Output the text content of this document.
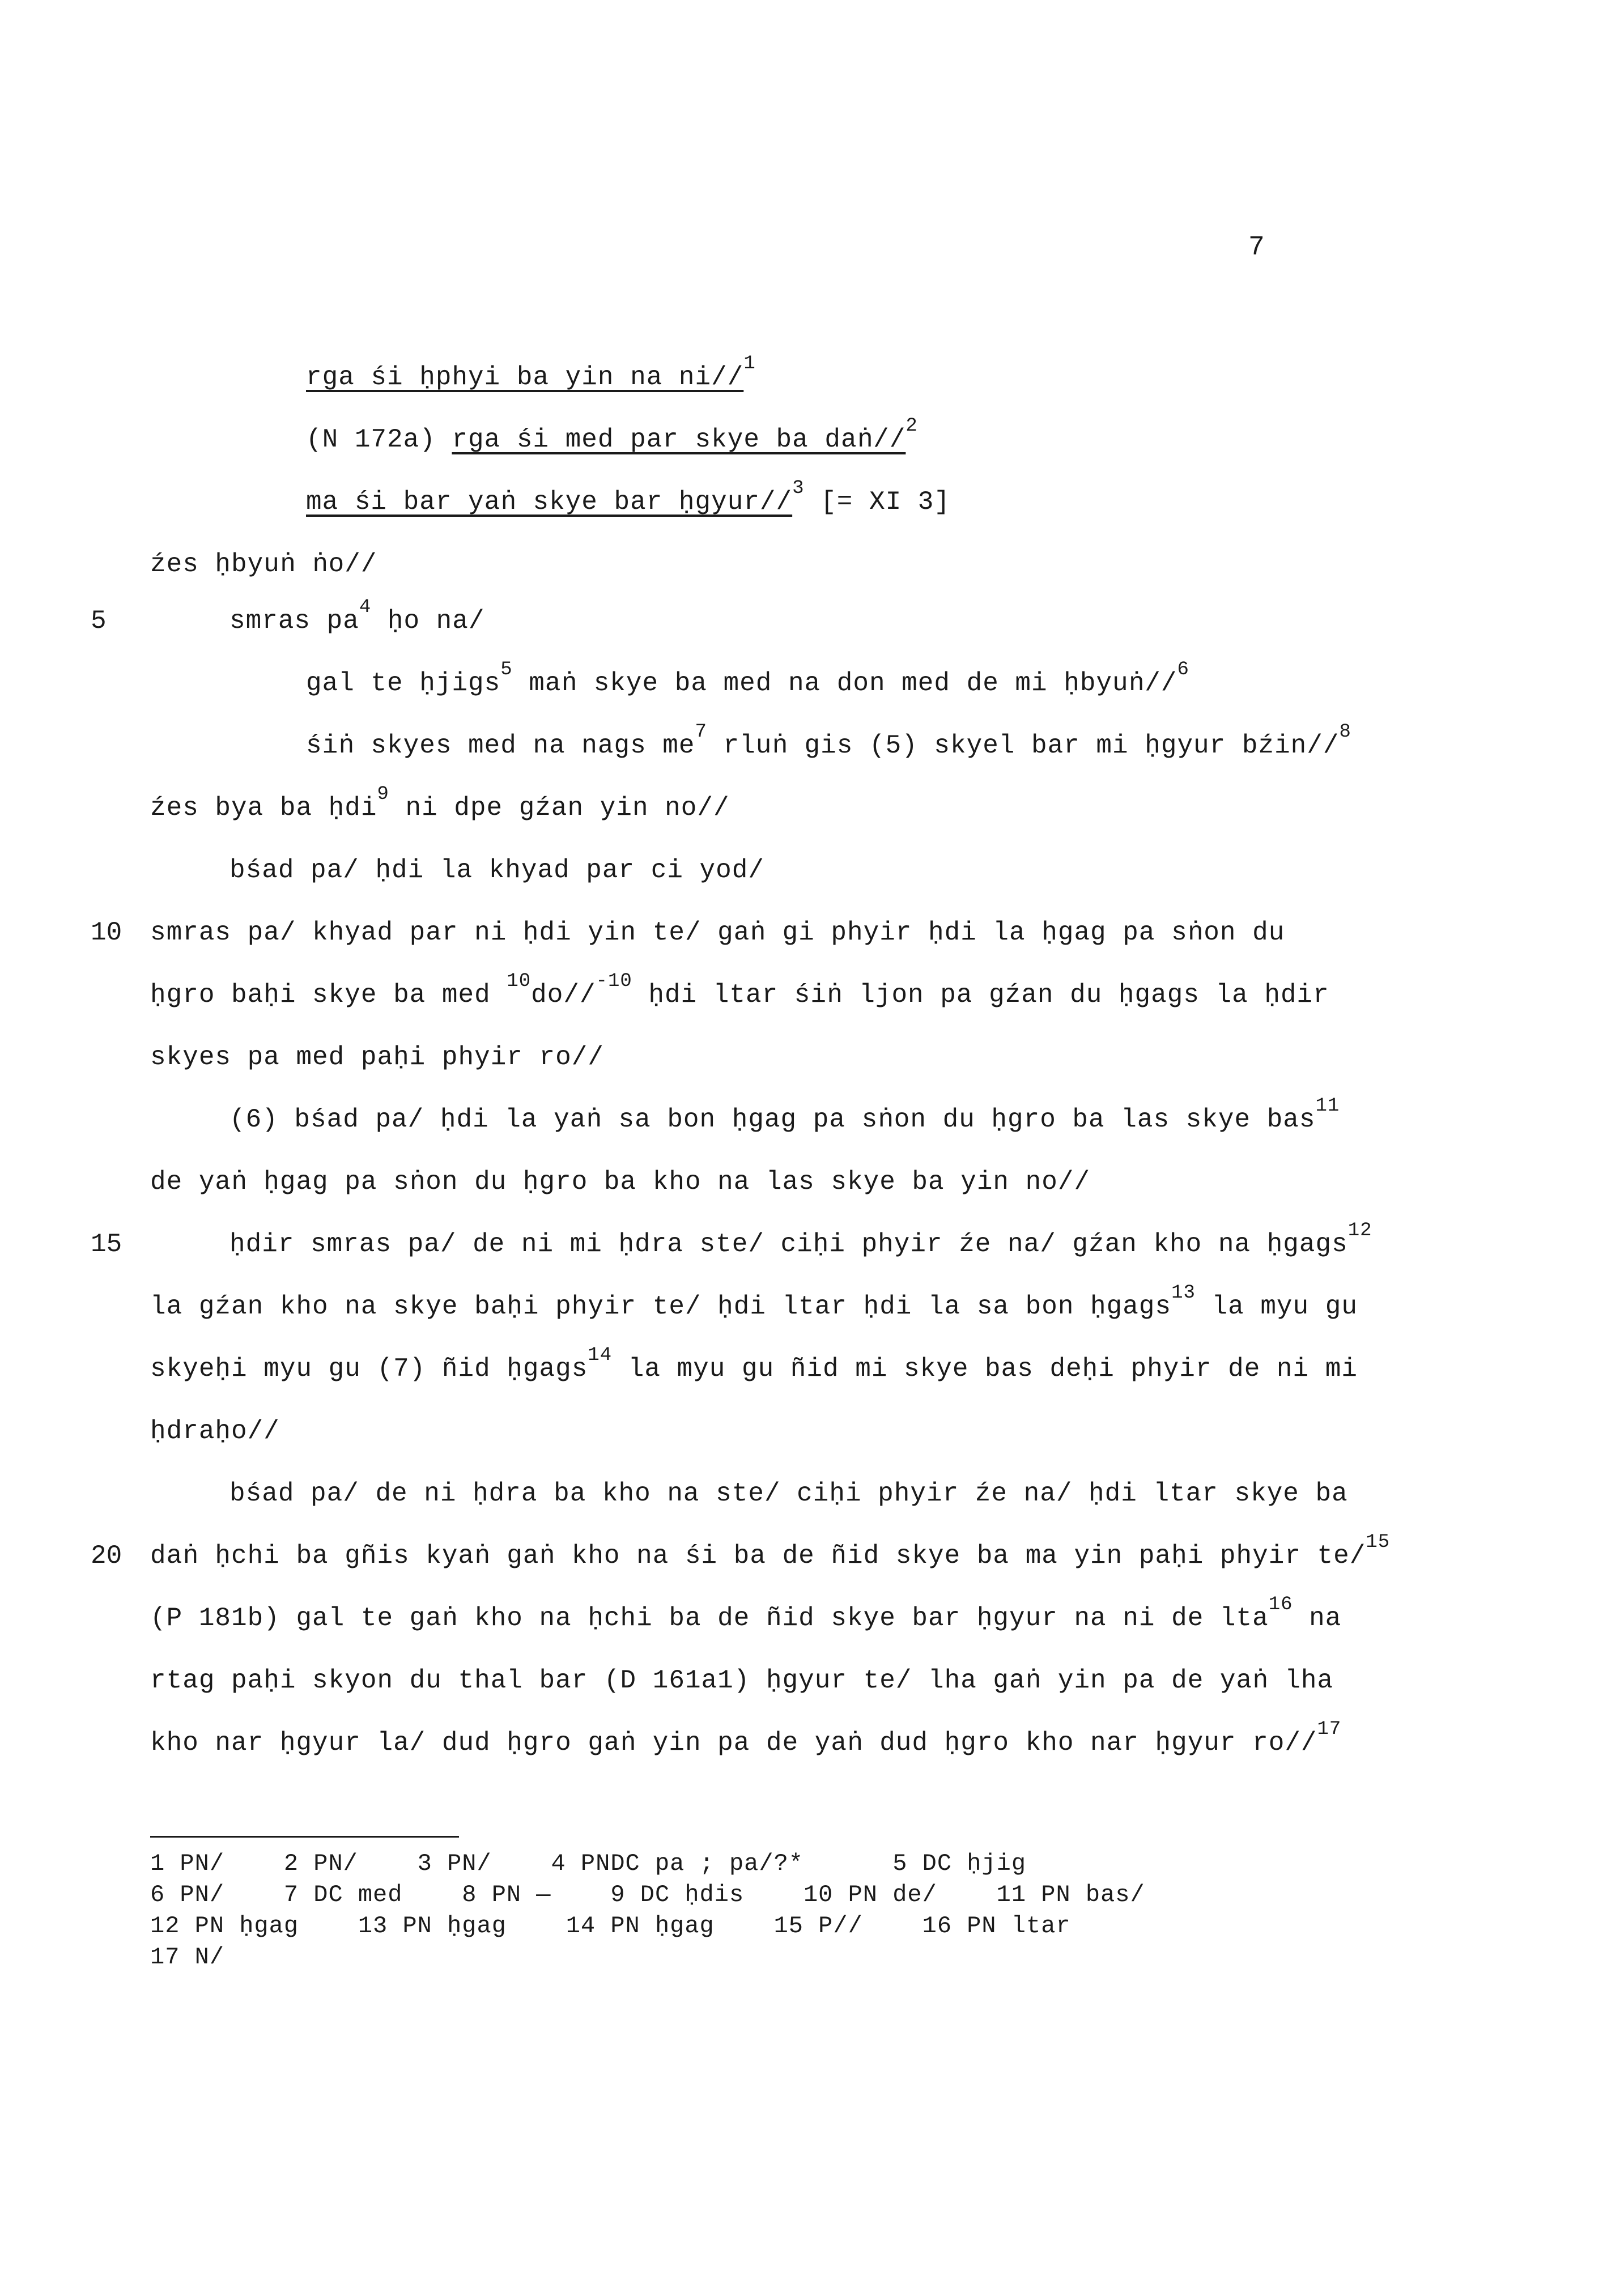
7
rga śi ḥphyi ba yin na ni//$^1$
(N 172a) rga śi med par skye ba daṅ//$^2$
ma śi bar yaṅ skye bar ḥgyur//$^3$ [= XI 3]
źes ḥbyuṅ ṅo//
smras $pa^4$ ḥo na/
gal te ḥjigs$^5$ maṅ skye ba med na don med de mi ḥbyuṅ//$^6$
śiṅ skyes med na nags $me^7$ rluṅ gis (5) skyel bar mi ḥgyur bźin//$^8$
źes bya ba ḥdi$^9$ ni dpe gźan yin no//
bśad pa/ ḥdi la khyad par ci yod/
smras pa/ khyad par ni ḥdi yin te/ gaṅ gi phyir ḥdi la ḥgag pa sṅon du
ḥgro baḥi skye ba med $^{10}$do//$^{-10}$ ḥdi ltar śiṅ ljon pa gźan du ḥgags la ḥdir
skyes pa med paḥi phyir ro//
(6) bśad pa/ ḥdi la yaṅ sa bon ḥgag pa sṅon du ḥgro ba las skye bas$^{11}$
de yaṅ ḥgag pa sṅon du ḥgro ba kho na las skye ba yin no//
ḥdir smras pa/ de ni mi ḥdra ste/ ciḥi phyir źe na/ gźan kho na ḥgags$^{12}$
la gźan kho na skye baḥi phyir te/ ḥdi ltar ḥdi la sa bon ḥgags$^{13}$ la myu gu
skyeḥi myu gu (7) ñid ḥgags$^{14}$ la myu gu ñid mi skye bas deḥi phyir de ni mi
ḥdraḥo//
bśad pa/ de ni ḥdra ba kho na ste/ ciḥi phyir źe na/ ḥdi ltar skye ba
daṅ ḥchi ba gñis kyaṅ gaṅ kho na śi ba de ñid skye ba ma yin paḥi phyir te/$^{15}$
(P 181b) gal te gaṅ kho na ḥchi ba de ñid skye bar ḥgyur na ni de lta$^{16}$ na
rtag paḥi skyon du thal bar (D 161a1) ḥgyur te/ lha gaṅ yin pa de yaṅ lha
kho nar ḥgyur la/ dud ḥgro gaṅ yin pa de yaṅ dud ḥgro kho nar ḥgyur ro//$^{17}$
5
10
15
20
1 PN/    2 PN/    3 PN/    4 PNDC pa ; pa/?*      5 DC ḥjig
6 PN/    7 DC med    8 PN —    9 DC ḥdis    10 PN de/    11 PN bas/
12 PN ḥgag    13 PN ḥgag    14 PN ḥgag    15 P//    16 PN ltar
17 N/
